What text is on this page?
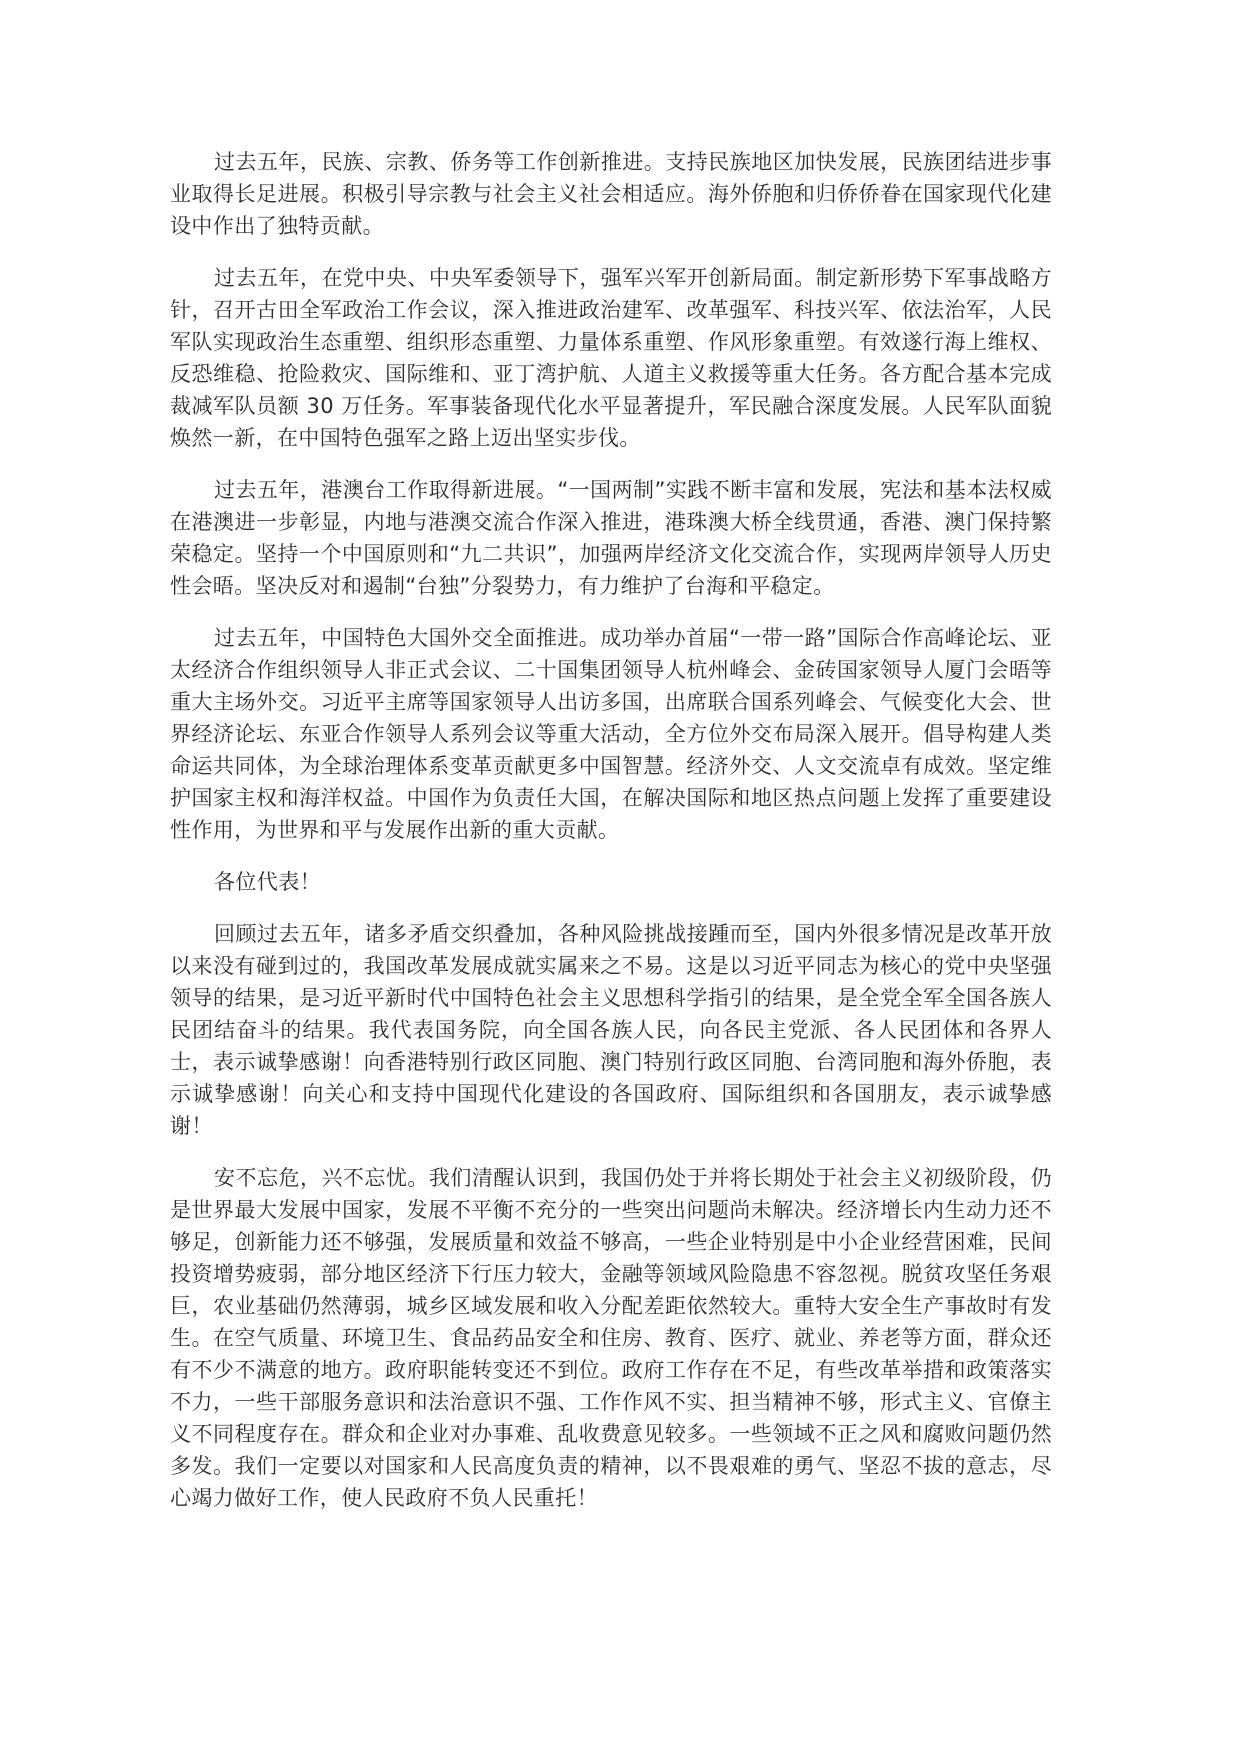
过去五年，民族、宗教、侨务等工作创新推进。支持民族地区加快发展，民族团结进步事业取得长足进展。积极引导宗教与社会主义社会相适应。海外侨胞和归侨侨眷在国家现代化建设中作出了独特贡献。

过去五年，在党中央、中央军委领导下，强军兴军开创新局面。制定新形势下军事战略方针，召开古田全军政治工作会议，深入推进政治建军、改革强军、科技兴军、依法治军，人民军队实现政治生态重塑、组织形态重塑、力量体系重塑、作风形象重塑。有效遂行海上维权、反恐维稳、抢险救灾、国际维和、亚丁湾护航、人道主义救援等重大任务。各方配合基本完成裁减军队员额 30 万任务。军事装备现代化水平显著提升，军民融合深度发展。人民军队面貌焕然一新，在中国特色强军之路上迈出坚实步伐。

过去五年，港澳台工作取得新进展。“一国两制”实践不断丰富和发展，宪法和基本法权威在港澳进一步彰显，内地与港澳交流合作深入推进，港珠澳大桥全线贯通，香港、澳门保持繁荣稳定。坚持一个中国原则和“九二共识”，加强两岸经济文化交流合作，实现两岸领导人历史性会晤。坚决反对和遏制“台独”分裂势力，有力维护了台海和平稳定。

过去五年，中国特色大国外交全面推进。成功举办首届“一带一路”国际合作高峰论坛、亚太经济合作组织领导人非正式会议、二十国集团领导人杭州峰会、金砖国家领导人厦门会晤等重大主场外交。习近平主席等国家领导人出访多国，出席联合国系列峰会、气候变化大会、世界经济论坛、东亚合作领导人系列会议等重大活动，全方位外交布局深入展开。倡导构建人类命运共同体，为全球治理体系变革贡献更多中国智慧。经济外交、人文交流卓有成效。坚定维护国家主权和海洋权益。中国作为负责任大国，在解决国际和地区热点问题上发挥了重要建设性作用，为世界和平与发展作出新的重大贡献。

各位代表！

回顾过去五年，诸多矛盾交织叠加，各种风险挑战接踵而至，国内外很多情况是改革开放以来没有碰到过的，我国改革发展成就实属来之不易。这是以习近平同志为核心的党中央坚强领导的结果，是习近平新时代中国特色社会主义思想科学指引的结果，是全党全军全国各族人民团结奋斗的结果。我代表国务院，向全国各族人民，向各民主党派、各人民团体和各界人士，表示诚挚感谢！向香港特别行政区同胞、澳门特别行政区同胞、台湾同胞和海外侨胞，表示诚挚感谢！向关心和支持中国现代化建设的各国政府、国际组织和各国朋友，表示诚挚感谢！

安不忘危，兴不忘忧。我们清醒认识到，我国仍处于并将长期处于社会主义初级阶段，仍是世界最大发展中国家，发展不平衡不充分的一些突出问题尚未解决。经济增长内生动力还不够足，创新能力还不够强，发展质量和效益不够高，一些企业特别是中小企业经营困难，民间投资增势疲弱，部分地区经济下行压力较大，金融等领域风险隐患不容忽视。脱贫攻坚任务艰巨，农业基础仍然薄弱，城乡区域发展和收入分配差距依然较大。重特大安全生产事故时有发生。在空气质量、环境卫生、食品药品安全和住房、教育、医疗、就业、养老等方面，群众还有不少不满意的地方。政府职能转变还不到位。政府工作存在不足，有些改革举措和政策落实不力，一些干部服务意识和法治意识不强、工作作风不实、担当精神不够，形式主义、官僚主义不同程度存在。群众和企业对办事难、乱收费意见较多。一些领域不正之风和腐败问题仍然多发。我们一定要以对国家和人民高度负责的精神，以不畏艰难的勇气、坚忍不拔的意志，尽心竭力做好工作，使人民政府不负人民重托！
